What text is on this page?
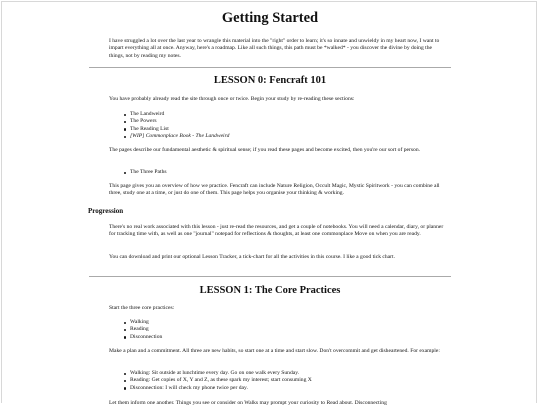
Getting Started

I have struggled a lot over the last year to wrangle this material into the "right" order to learn; it's so innate and unwieldy in my heart now, I want to impart everything all at once. Anyway, here's a roadmap. Like all such things, this path must be *walked* - you discover the divine by doing the things, not by reading my notes.

LESSON 0: Fencraft 101

You have probably already read the site through once or twice. Begin your study by re-reading these sections:

The Landweird
The Powers
The Reading List
[WIP] Commonplace Book - The Landweird

The pages describe our fundamental aesthetic & spiritual sense; if you read these pages and become excited, then you're our sort of person.

The Three Paths

This page gives you an overview of how we practice. Fencraft can include Nature Religion, Occult Magic, Mystic Spiritwork - you can combine all three, study one at a time, or just do one of them. This page helps you organise your thinking & working.

Progression

There's no real work associated with this lesson - just re-read the resources, and get a couple of notebooks. You will need a calendar, diary, or planner for tracking time with, as well as one "journal" notepad for reflections & thoughts, at least one commonplace Move on when you are ready.

You can download and print our optional Lesson Tracker, a tick-chart for all the activities in this course. I like a good tick chart.

LESSON 1: The Core Practices

Start the three core practices:

Walking
Reading
Disconnection

Make a plan and a commitment. All three are new habits, so start one at a time and start slow. Don't overcommit and get disheartened. For example:

Walking: Sit outside at lunchtime every day. Go on one walk every Sunday.
Reading: Get copies of X, Y and Z, as these spark my interest; start consuming X
Disconnection: I will check my phone twice per day.

Let them inform one another. Things you see or consider on Walks may prompt your curiosity to Read about. Disconnecting
